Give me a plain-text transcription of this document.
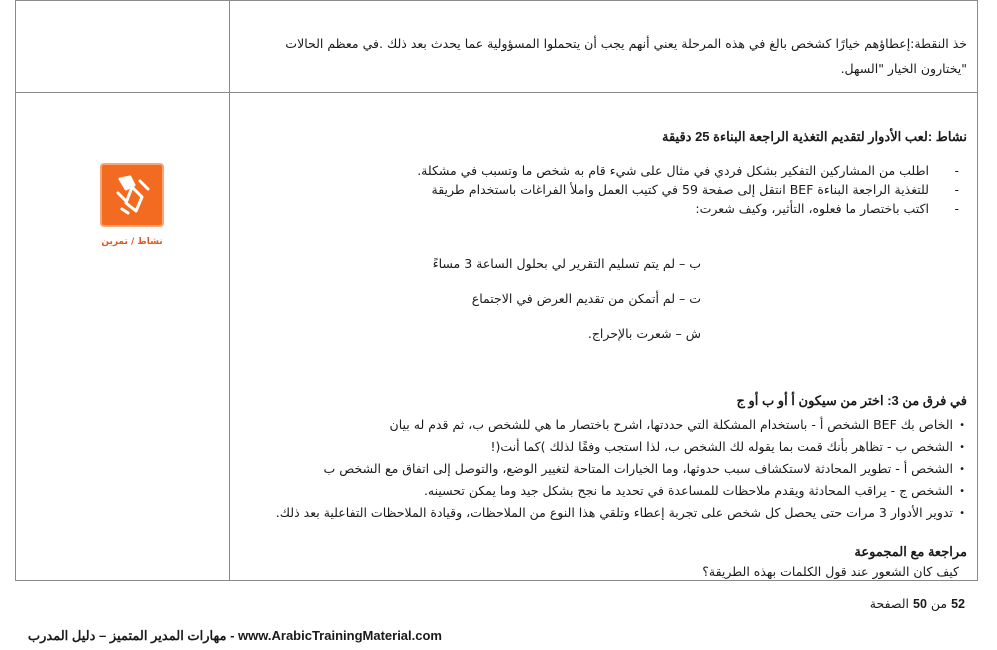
خذ النقطة:إعطاؤهم خيارًا كشخص بالغ في هذه المرحلة يعني أنهم يجب أن يتحملوا المسؤولية عما يحدث بعد ذلك .في معظم الحالات
"يختارون الخيار "السهل.
نشاط / تمرين
نشاط :لعب الأدوار لتقديم التغذية الراجعة البناءة 25 دقيقة
اطلب من المشاركين التفكير بشكل فردي في مثال على شيء قام به شخص ما وتسبب في مشكلة.
للتغذية الراجعة البناءة BEF انتقل إلى صفحة 59 في كتيب العمل واملأ الفراغات باستخدام طريقة
اكتب باختصار ما فعلوه، التأثير، وكيف شعرت:
-
-
-
ب – لم يتم تسليم التقرير لي بحلول الساعة 3 مساءً
ت – لم أتمكن من تقديم العرض في الاجتماع
ش – شعرت بالإحراج.
في فرق من 3: اختر من سيكون أ أو ب أو ج
الخاص بك BEF الشخص أ - باستخدام المشكلة التي حددتها، اشرح باختصار ما هي للشخص ب، ثم قدم له بيان
الشخص ب - تظاهر بأنك قمت بما يقوله لك الشخص ب، لذا استجب وفقًا لذلك )كما أنت(!
الشخص أ - تطوير المحادثة لاستكشاف سبب حدوثها، وما الخيارات المتاحة لتغيير الوضع، والتوصل إلى اتفاق مع الشخص ب
الشخص ج - يراقب المحادثة ويقدم ملاحظات للمساعدة في تحديد ما نجح بشكل جيد وما يمكن تحسينه.
تدوير الأدوار 3 مرات حتى يحصل كل شخص على تجربة إعطاء وتلقي هذا النوع من الملاحظات، وقيادة الملاحظات التفاعلية بعد ذلك.
•
•
•
•
•
مراجعة مع المجموعة
كيف كان الشعور عند قول الكلمات بهذه الطريقة؟
52 من 50 الصفحة
www.ArabicTrainingMaterial.com - مهارات المدير المتميز – دليل المدرب
